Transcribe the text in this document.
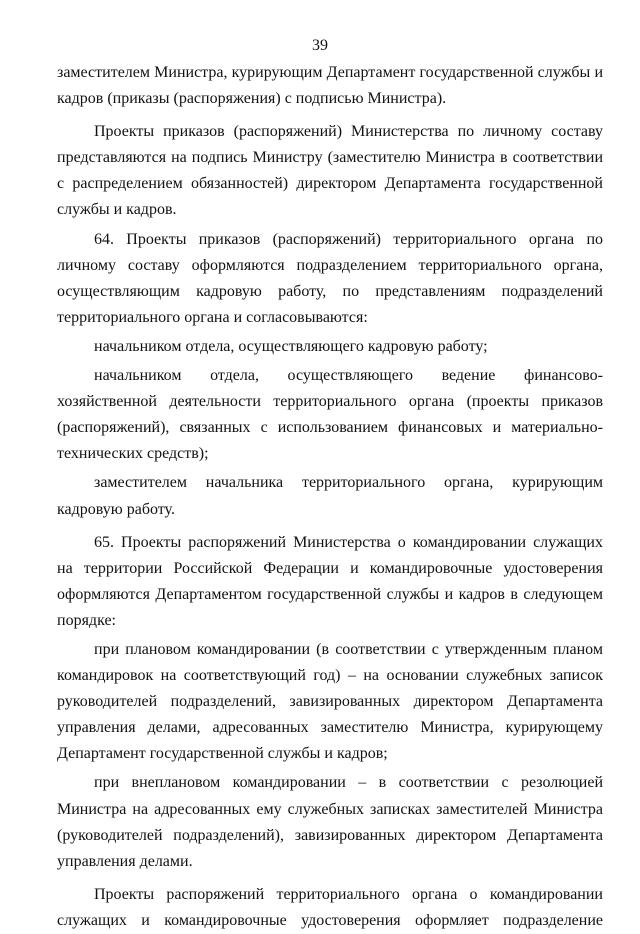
39

заместителем Министра, курирующим Департамент государственной службы и кадров (приказы (распоряжения) с подписью Министра).

Проекты приказов (распоряжений) Министерства по личному составу представляются на подпись Министру (заместителю Министра в соответствии с распределением обязанностей) директором Департамента государственной службы и кадров.

64. Проекты приказов (распоряжений) территориального органа по личному составу оформляются подразделением территориального органа, осуществляющим кадровую работу, по представлениям подразделений территориального органа и согласовываются:

начальником отдела, осуществляющего кадровую работу;

начальником отдела, осуществляющего ведение финансово-хозяйственной деятельности территориального органа (проекты приказов (распоряжений), связанных с использованием финансовых и материально-технических средств);

заместителем начальника территориального органа, курирующим кадровую работу.

65. Проекты распоряжений Министерства о командировании служащих на территории Российской Федерации и командировочные удостоверения оформляются Департаментом государственной службы и кадров в следующем порядке:

при плановом командировании (в соответствии с утвержденным планом командировок на соответствующий год) – на основании служебных записок руководителей подразделений, завизированных директором Департамента управления делами, адресованных заместителю Министра, курирующему Департамент государственной службы и кадров;

при внеплановом командировании – в соответствии с резолюцией Министра на адресованных ему служебных записках заместителей Министра (руководителей подразделений), завизированных директором Департамента управления делами.

Проекты распоряжений территориального органа о командировании служащих и командировочные удостоверения оформляет подразделение
